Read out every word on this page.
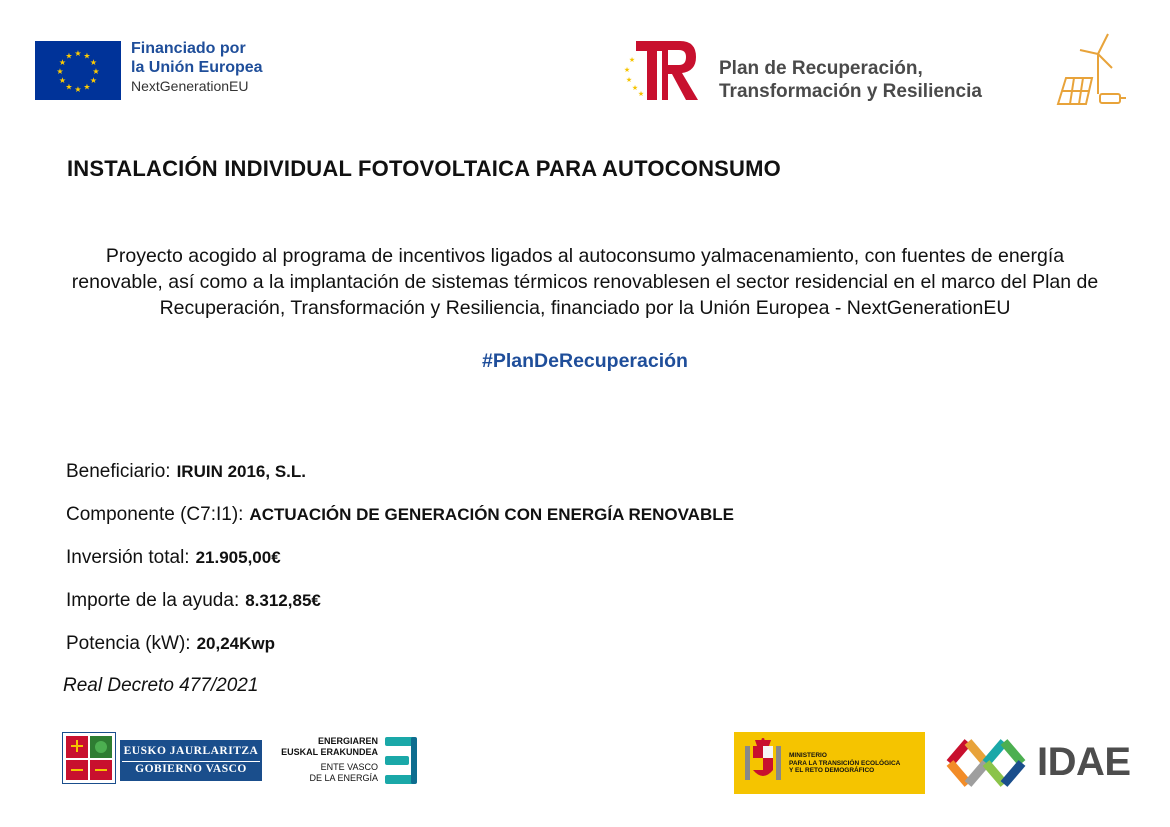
★ ★
★
★
★
★
★
★
★
★
★
★	Financiado por
la Unión Europea
NextGenerationEU
★
★
★
★
★
Plan de Recuperación,
Transformación y Resiliencia
INSTALACIÓN INDIVIDUAL FOTOVOLTAICA PARA AUTOCONSUMO
Proyecto acogido al programa de incentivos ligados al autoconsumo yalmacenamiento, con fuentes de energía renovable, así como a la implantación de sistemas térmicos renovablesen el sector residencial en el marco del Plan de Recuperación, Transformación y Resiliencia, financiado por la Unión Europea - NextGenerationEU
#PlanDeRecuperación
Beneficiario: IRUIN 2016, S.L.
Componente (C7:I1): ACTUACIÓN DE GENERACIÓN CON ENERGÍA RENOVABLE
Inversión total: 21.905,00€
Importe de la ayuda: 8.312,85€
Potencia (kW): 20,24Kwp
Real Decreto 477/2021
EUSKO JAURLARITZA
GOBIERNO VASCO
ENERGIAREN
EUSKAL ERAKUNDEA
ENTE VASCO
DE LA ENERGÍA
MINISTERIO
PARA LA TRANSICIÓN ECOLÓGICA
Y EL RETO DEMOGRÁFICO	IDAE
